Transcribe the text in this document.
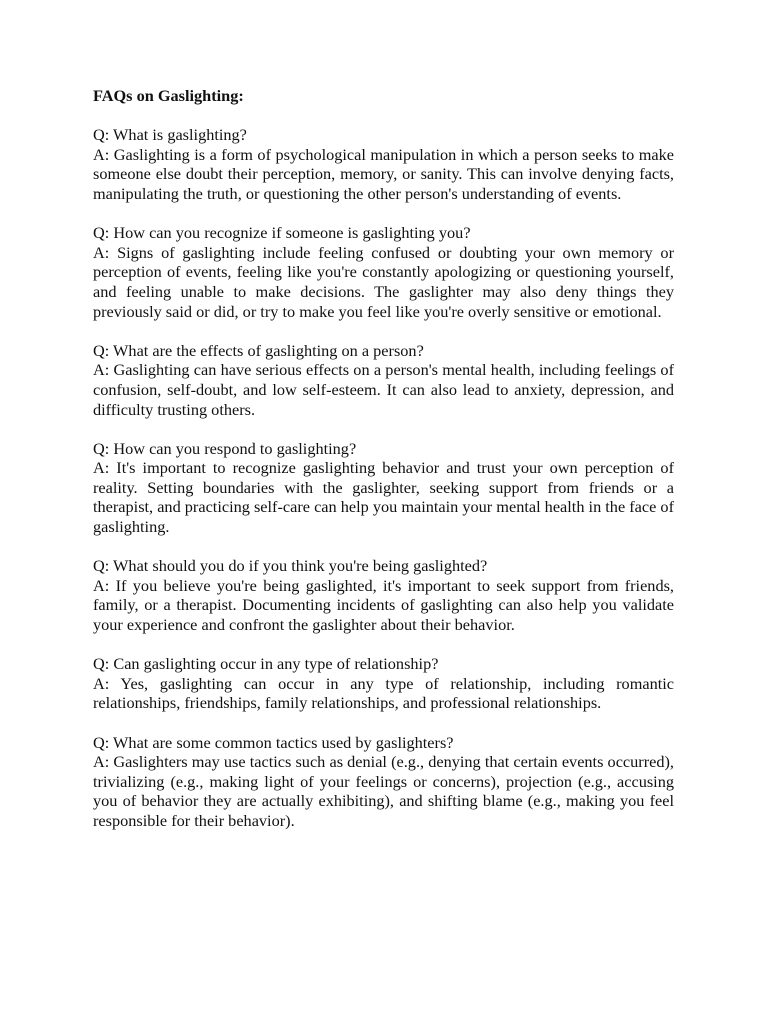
FAQs on Gaslighting:

Q: What is gaslighting?

A: Gaslighting is a form of psychological manipulation in which a person seeks to make someone else doubt their perception, memory, or sanity. This can involve denying facts, manipulating the truth, or questioning the other person's understanding of events.

Q: How can you recognize if someone is gaslighting you?

A: Signs of gaslighting include feeling confused or doubting your own memory or perception of events, feeling like you're constantly apologizing or questioning yourself, and feeling unable to make decisions. The gaslighter may also deny things they previously said or did, or try to make you feel like you're overly sensitive or emotional.

Q: What are the effects of gaslighting on a person?

A: Gaslighting can have serious effects on a person's mental health, including feelings of confusion, self-doubt, and low self-esteem. It can also lead to anxiety, depression, and difficulty trusting others.

Q: How can you respond to gaslighting?

A: It's important to recognize gaslighting behavior and trust your own perception of reality. Setting boundaries with the gaslighter, seeking support from friends or a therapist, and practicing self-care can help you maintain your mental health in the face of gaslighting.

Q: What should you do if you think you're being gaslighted?

A: If you believe you're being gaslighted, it's important to seek support from friends, family, or a therapist. Documenting incidents of gaslighting can also help you validate your experience and confront the gaslighter about their behavior.

Q: Can gaslighting occur in any type of relationship?

A: Yes, gaslighting can occur in any type of relationship, including romantic relationships, friendships, family relationships, and professional relationships.

Q: What are some common tactics used by gaslighters?

A: Gaslighters may use tactics such as denial (e.g., denying that certain events occurred), trivializing (e.g., making light of your feelings or concerns), projection (e.g., accusing you of behavior they are actually exhibiting), and shifting blame (e.g., making you feel responsible for their behavior).
